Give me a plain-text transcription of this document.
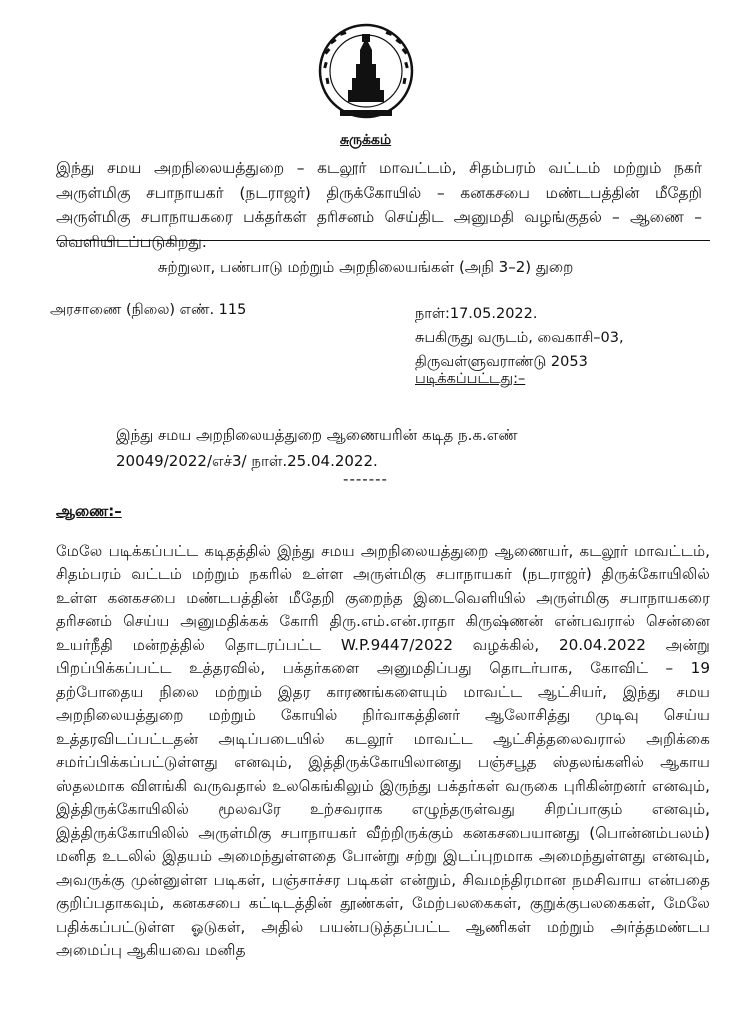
சுருக்கம்
இந்து சமய அறநிலையத்துறை – கடலூர் மாவட்டம், சிதம்பரம் வட்டம் மற்றும் நகர் அருள்மிகு சபாநாயகர் (நடராஜர்) திருக்கோயில் – கனகசபை மண்டபத்தின் மீதேறி அருள்மிகு சபாநாயகரை பக்தர்கள் தரிசனம் செய்திட அனுமதி வழங்குதல் – ஆணை – வெளியிடப்படுகிறது.
சுற்றுலா, பண்பாடு மற்றும் அறநிலையங்கள் (அநி 3–2) துறை
அரசாணை (நிலை) எண். 115	நாள்:17.05.2022.
சுபகிருது வருடம், வைகாசி–03,
திருவள்ளுவராண்டு 2053
படிக்கப்பட்டது:–
இந்து சமய அறநிலையத்துறை ஆணையரின் கடித ந.க.எண்
20049/2022/எச்3/ நாள்.25.04.2022.
-------
ஆணை:–

மேலே படிக்கப்பட்ட கடிதத்தில் இந்து சமய அறநிலையத்துறை ஆணையர், கடலூர் மாவட்டம், சிதம்பரம் வட்டம் மற்றும் நகரில் உள்ள அருள்மிகு சபாநாயகர் (நடராஜர்) திருக்கோயிலில் உள்ள கனகசபை மண்டபத்தின் மீதேறி குறைந்த இடைவெளியில் அருள்மிகு சபாநாயகரை தரிசனம் செய்ய அனுமதிக்கக் கோரி திரு.எம்.என்.ராதா கிருஷ்ணன் என்பவரால் சென்னை உயர்நீதி மன்றத்தில் தொடரப்பட்ட W.P.9447/2022 வழக்கில், 20.04.2022 அன்று பிறப்பிக்கப்பட்ட உத்தரவில், பக்தர்களை அனுமதிப்பது தொடர்பாக, கோவிட் – 19 தற்போதைய நிலை மற்றும் இதர காரணங்களையும் மாவட்ட ஆட்சியர், இந்து சமய அறநிலையத்துறை மற்றும் கோயில் நிர்வாகத்தினர் ஆலோசித்து முடிவு செய்ய உத்தரவிடப்பட்டதன் அடிப்படையில் கடலூர் மாவட்ட ஆட்சித்தலைவரால் அறிக்கை சமர்ப்பிக்கப்பட்டுள்ளது எனவும், இத்திருக்கோயிலானது பஞ்சபூத ஸ்தலங்களில் ஆகாய ஸ்தலமாக விளங்கி வருவதால் உலகெங்கிலும் இருந்து பக்தர்கள் வருகை புரிகின்றனர் எனவும், இத்திருக்கோயிலில் மூலவரே உற்சவராக எழுந்தருள்வது சிறப்பாகும் எனவும், இத்திருக்கோயிலில் அருள்மிகு சபாநாயகர் வீற்றிருக்கும் கனகசபையானது (பொன்னம்பலம்) மனித உடலில் இதயம் அமைந்துள்ளதை போன்று சற்று இடப்புறமாக அமைந்துள்ளது எனவும், அவருக்கு முன்னுள்ள படிகள், பஞ்சாச்சர படிகள் என்றும், சிவமந்திரமான நமசிவாய என்பதை குறிப்பதாகவும், கனகசபை கட்டிடத்தின் தூண்கள், மேற்பலகைகள், குறுக்குபலகைகள், மேலே பதிக்கப்பட்டுள்ள ஓடுகள், அதில் பயன்படுத்தப்பட்ட ஆணிகள் மற்றும் அர்த்தமண்டப அமைப்பு ஆகியவை மனித
